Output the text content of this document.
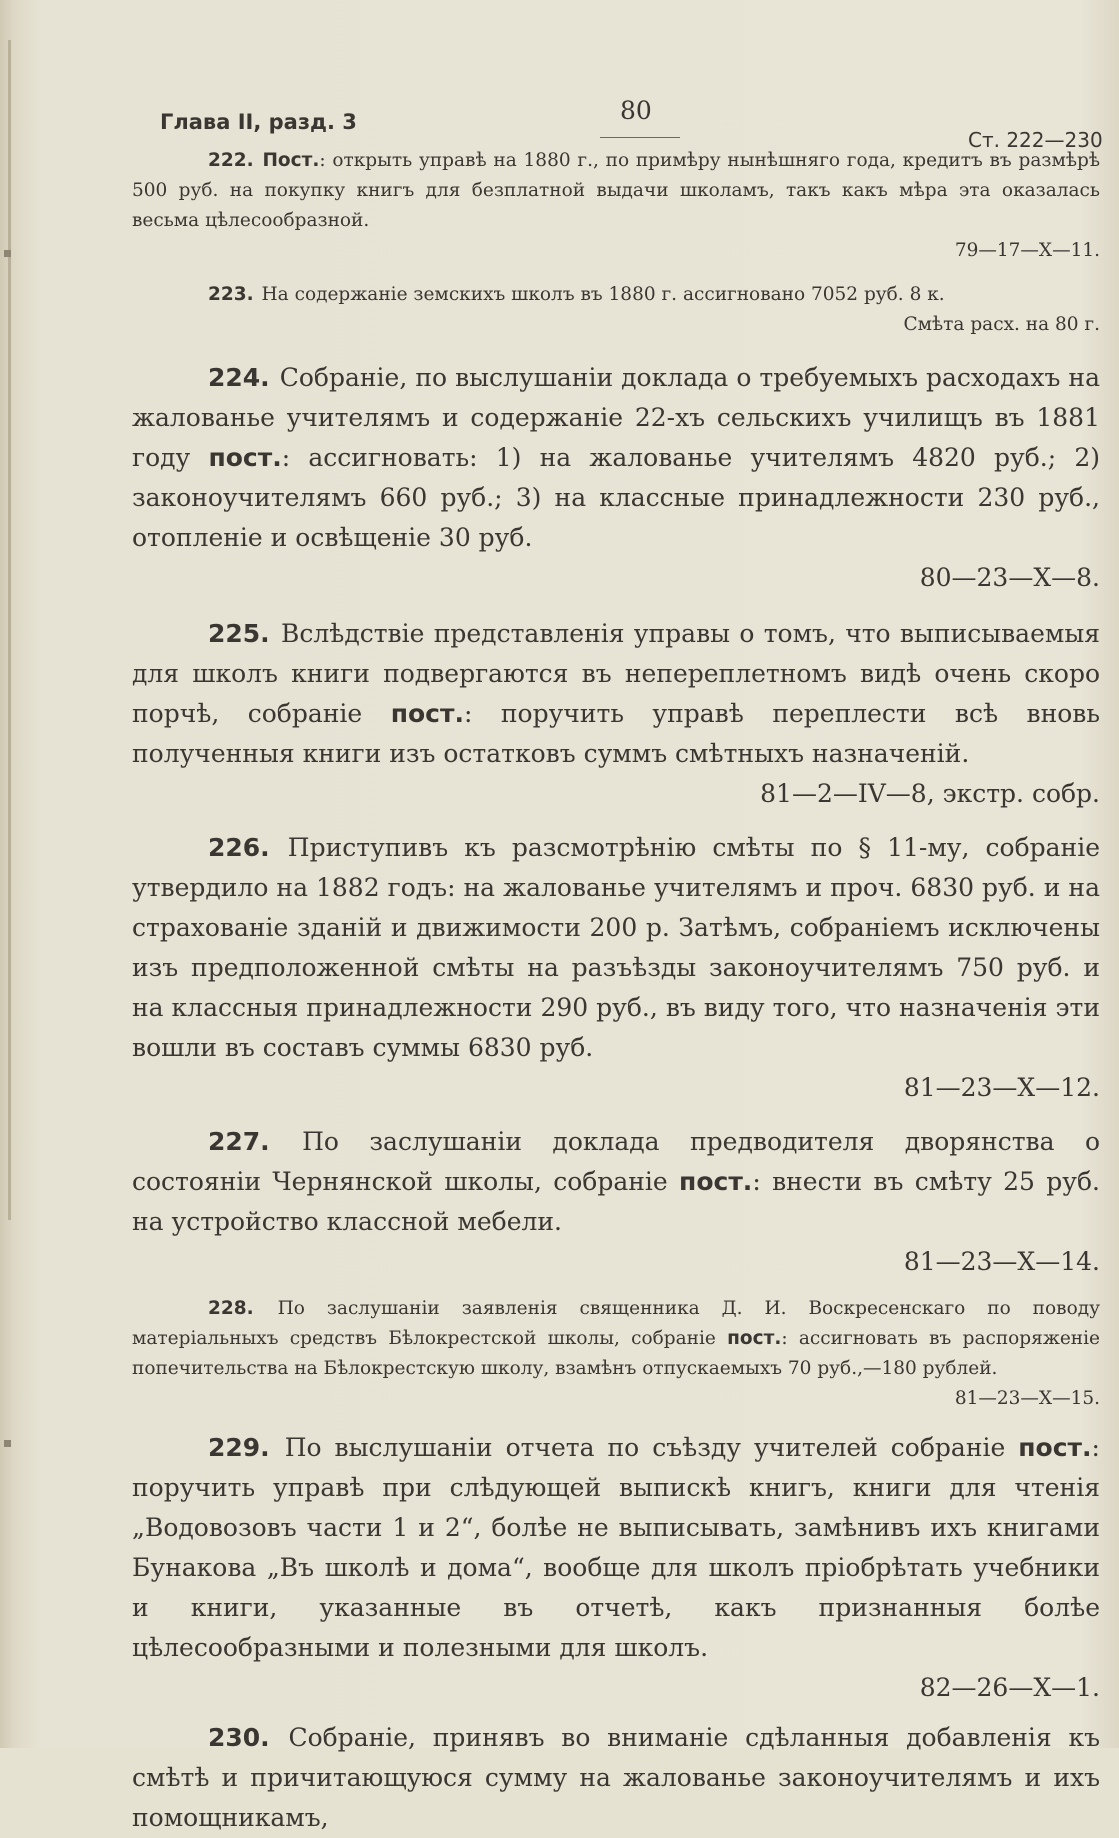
Глава II, разд. 3	80
Ст. 222—230
222. Пост.: открыть управѣ на 1880 г., по примѣру нынѣшняго года, кредитъ въ размѣрѣ 500 руб. на покупку книгъ для безплатной выдачи школамъ, такъ какъ мѣра эта оказалась весьма цѣлесообразной.
79—17—X—11.
223. На содержаніе земскихъ школъ въ 1880 г. ассигновано 7052 руб. 8 к.
Смѣта расх. на 80 г.
224. Собраніе, по выслушаніи доклада о требуемыхъ расходахъ на жалованье учителямъ и содержаніе 22-хъ сельскихъ училищъ въ 1881 году пост.: ассигновать: 1) на жалованье учителямъ 4820 руб.; 2) законоучителямъ 660 руб.; 3) на классные принадлежности 230 руб., отопленіе и освѣщеніе 30 руб.
80—23—X—8.
225. Вслѣдствіе представленія управы о томъ, что выписываемыя для школъ книги подвергаются въ непереплетномъ видѣ очень скоро порчѣ, собраніе пост.: поручить управѣ переплести всѣ вновь полученныя книги изъ остатковъ суммъ смѣтныхъ назначеній.
81—2—IV—8, экстр. собр.
226. Приступивъ къ разсмотрѣнію смѣты по § 11-му, собраніе утвердило на 1882 годъ: на жалованье учителямъ и проч. 6830 руб. и на страхованіе зданій и движимости 200 р. Затѣмъ, собраніемъ исключены изъ предположенной смѣты на разъѣзды законоучителямъ 750 руб. и на классныя принадлежности 290 руб., въ виду того, что назначенія эти вошли въ составъ суммы 6830 руб.
81—23—X—12.
227. По заслушаніи доклада предводителя дворянства о состояніи Чернянской школы, собраніе пост.: внести въ смѣту 25 руб. на устройство классной мебели.
81—23—X—14.
228. По заслушаніи заявленія священника Д. И. Воскресенскаго по поводу матеріальныхъ средствъ Бѣлокрестской школы, собраніе пост.: ассигновать въ распоряженіе попечительства на Бѣлокрестскую школу, взамѣнъ отпускаемыхъ 70 руб.,—180 рублей.
81—23—X—15.
229. По выслушаніи отчета по съѣзду учителей собраніе пост.: поручить управѣ при слѣдующей выпискѣ книгъ, книги для чтенія „Водовозовъ части 1 и 2“, болѣе не выписывать, замѣнивъ ихъ книгами Бунакова „Въ школѣ и дома“, вообще для школъ пріобрѣтать учебники и книги, указанные въ отчетѣ, какъ признанныя болѣе цѣлесообразными и полезными для школъ.
82—26—X—1.
230. Собраніе, принявъ во вниманіе сдѣланныя добавленія къ смѣтѣ и причитающуюся сумму на жалованье законоучителямъ и ихъ помощникамъ,
